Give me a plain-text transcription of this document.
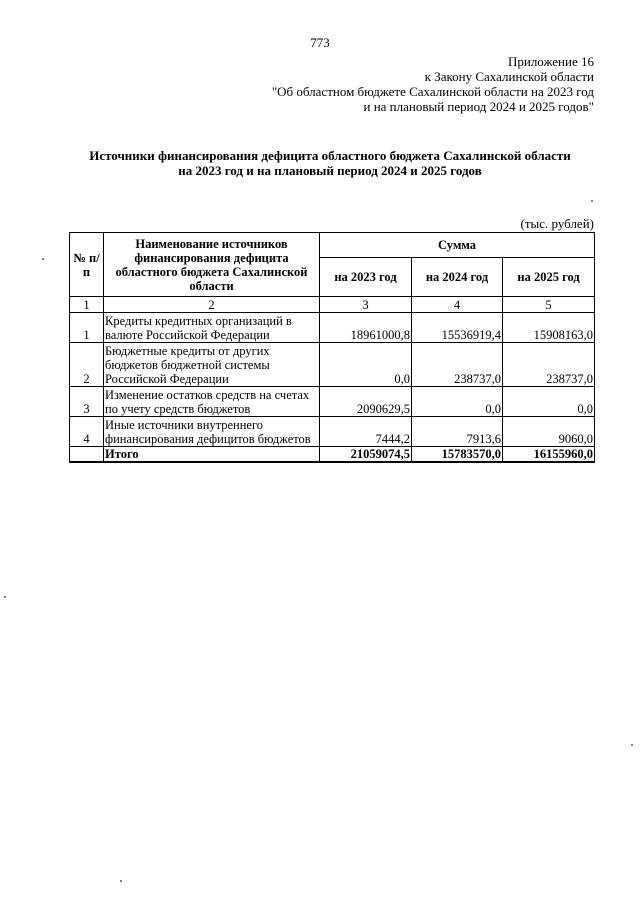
773
Приложение 16
к Закону Сахалинской области
"Об областном бюджете Сахалинской области на 2023 год
и на плановый период 2024 и 2025 годов"
Источники финансирования дефицита областного бюджета Сахалинской области
на 2023 год и на плановый период 2024 и 2025 годов
(тыс. рублей)
№ п/п	Наименование источников финансирования дефицита областного бюджета Сахалинской области	Сумма		
		на 2023 год	на 2024 год	на 2025 год
1	2	3	4	5
1	Кредиты кредитных организаций в валюте Российской Федерации	18961000,8	15536919,4	15908163,0
2	Бюджетные кредиты от других бюджетов бюджетной системы Российской Федерации	0,0	238737,0	238737,0
3	Изменение остатков средств на счетах по учету средств бюджетов	2090629,5	0,0	0,0
4	Иные источники внутреннего финансирования дефицитов бюджетов	7444,2	7913,6	9060,0
	Итого	21059074,5	15783570,0	16155960,0
